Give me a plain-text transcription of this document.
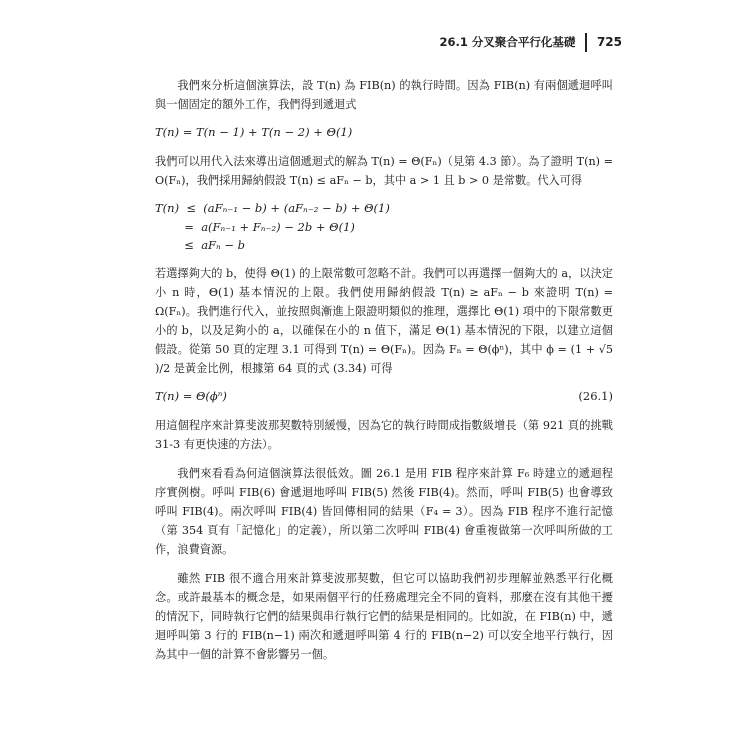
26.1 分叉聚合平行化基礎 725

我們來分析這個演算法，設 T(n) 為 FIB(n) 的執行時間。因為 FIB(n) 有兩個遞迴呼叫與一個固定的額外工作，我們得到遞迴式

T(n) = T(n − 1) + T(n − 2) + Θ(1)

我們可以用代入法來導出這個遞迴式的解為 T(n) = Θ(Fₙ)（見第 4.3 節）。為了證明 T(n) = O(Fₙ)，我們採用歸納假設 T(n) ≤ aFₙ − b，其中 a > 1 且 b > 0 是常數。代入可得

T(n)  ≤  (aFₙ₋₁ − b) + (aFₙ₋₂ − b) + Θ(1)
=  a(Fₙ₋₁ + Fₙ₋₂) − 2b + Θ(1)
≤  aFₙ − b

若選擇夠大的 b，使得 Θ(1) 的上限常數可忽略不計。我們可以再選擇一個夠大的 a，以決定小 n 時，Θ(1) 基本情況的上限。我們使用歸納假設 T(n) ≥ aFₙ − b 來證明 T(n) = Ω(Fₙ)。我們進行代入，並按照與漸進上限證明類似的推理，選擇比 Θ(1) 項中的下限常數更小的 b，以及足夠小的 a，以確保在小的 n 值下，滿足 Θ(1) 基本情況的下限，以建立這個假設。從第 50 頁的定理 3.1 可得到 T(n) = Θ(Fₙ)。因為 Fₙ = Θ(ϕⁿ)，其中 ϕ = (1 + √5 )/2 是黃金比例，根據第 64 頁的式 (3.34) 可得

T(n) = Θ(ϕⁿ)	(26.1)

用這個程序來計算斐波那契數特別緩慢，因為它的執行時間成指數級增長（第 921 頁的挑戰 31-3 有更快速的方法）。

我們來看看為何這個演算法很低效。圖 26.1 是用 FIB 程序來計算 F₆ 時建立的遞迴程序實例樹。呼叫 FIB(6) 會遞迴地呼叫 FIB(5) 然後 FIB(4)。然而，呼叫 FIB(5) 也會導致呼叫 FIB(4)。兩次呼叫 FIB(4) 皆回傳相同的結果（F₄ = 3）。因為 FIB 程序不進行記憶（第 354 頁有「記憶化」的定義），所以第二次呼叫 FIB(4) 會重複做第一次呼叫所做的工作，浪費資源。

雖然 FIB 很不適合用來計算斐波那契數，但它可以協助我們初步理解並熟悉平行化概念。或許最基本的概念是，如果兩個平行的任務處理完全不同的資料，那麼在沒有其他干擾的情況下，同時執行它們的結果與串行執行它們的結果是相同的。比如說，在 FIB(n) 中，遞迴呼叫第 3 行的 FIB(n−1) 兩次和遞迴呼叫第 4 行的 FIB(n−2) 可以安全地平行執行，因為其中一個的計算不會影響另一個。
